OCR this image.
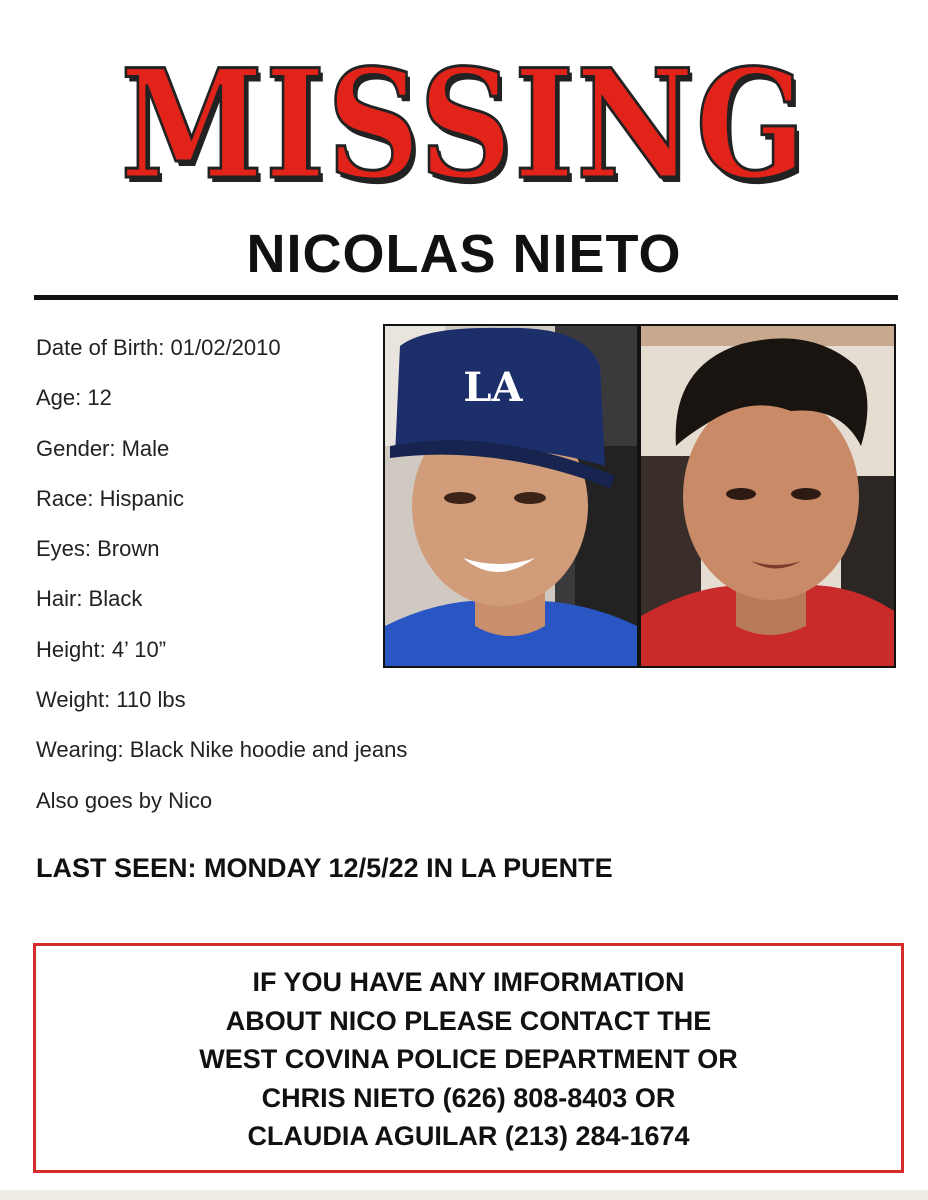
MISSING
NICOLAS NIETO
Date of Birth: 01/02/2010
Age: 12
Gender: Male
Race: Hispanic
Eyes: Brown
Hair: Black
Height: 4’ 10”
Weight: 110 lbs
Wearing: Black Nike hoodie and jeans
Also goes by Nico
LA
LAST SEEN: MONDAY 12/5/22 IN LA PUENTE
IF YOU HAVE ANY IMFORMATION
ABOUT NICO PLEASE CONTACT THE
WEST COVINA POLICE DEPARTMENT OR
CHRIS NIETO (626) 808-8403 OR
CLAUDIA AGUILAR (213) 284-1674
